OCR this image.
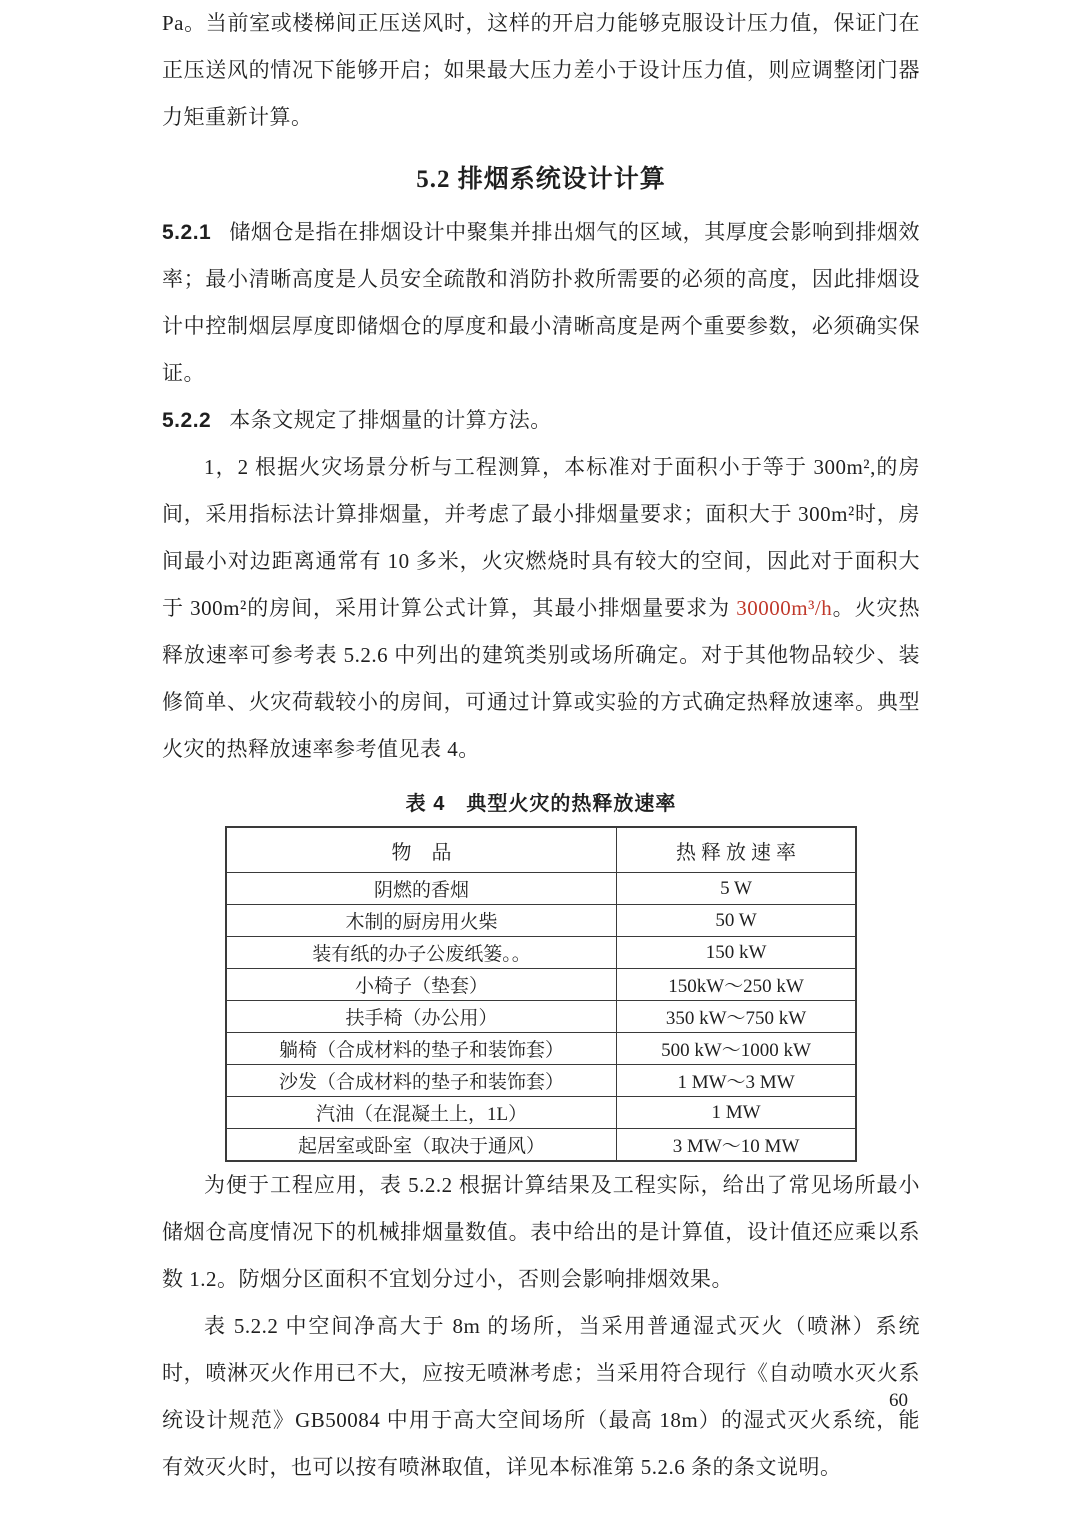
Pa。当前室或楼梯间正压送风时，这样的开启力能够克服设计压力值，保证门在正压送风的情况下能够开启；如果最大压力差小于设计压力值，则应调整闭门器力矩重新计算。

5.2 排烟系统设计计算

5.2.1 储烟仓是指在排烟设计中聚集并排出烟气的区域，其厚度会影响到排烟效率；最小清晰高度是人员安全疏散和消防扑救所需要的必须的高度，因此排烟设计中控制烟层厚度即储烟仓的厚度和最小清晰高度是两个重要参数，必须确实保证。

5.2.2 本条文规定了排烟量的计算方法。

1，2 根据火灾场景分析与工程测算，本标准对于面积小于等于 300m²,的房间，采用指标法计算排烟量，并考虑了最小排烟量要求；面积大于 300m²时，房间最小对边距离通常有 10 多米，火灾燃烧时具有较大的空间，因此对于面积大于 300m²的房间，采用计算公式计算，其最小排烟量要求为 30000m³/h。火灾热释放速率可参考表 5.2.6 中列出的建筑类别或场所确定。对于其他物品较少、装修简单、火灾荷载较小的房间，可通过计算或实验的方式确定热释放速率。典型火灾的热释放速率参考值见表 4。

表 4　典型火灾的热释放速率
物　品	热 释 放 速 率
阴燃的香烟	5 W
木制的厨房用火柴	50 W
装有纸的办子公废纸篓。。	150 kW
小椅子（垫套）	150kW～250 kW
扶手椅（办公用）	350 kW～750 kW
躺椅（合成材料的垫子和装饰套）	500 kW～1000 kW
沙发（合成材料的垫子和装饰套）	1 MW～3 MW
汽油（在混凝土上，1L）	1 MW
起居室或卧室（取决于通风）	3 MW～10 MW

为便于工程应用，表 5.2.2 根据计算结果及工程实际，给出了常见场所最小储烟仓高度情况下的机械排烟量数值。表中给出的是计算值，设计值还应乘以系数 1.2。防烟分区面积不宜划分过小，否则会影响排烟效果。

表 5.2.2 中空间净高大于 8m 的场所，当采用普通湿式灭火（喷淋）系统时，喷淋灭火作用已不大，应按无喷淋考虑；当采用符合现行《自动喷水灭火系统设计规范》GB50084 中用于高大空间场所（最高 18m）的湿式灭火系统，能有效灭火时，也可以按有喷淋取值，详见本标准第 5.2.6 条的条文说明。

60
